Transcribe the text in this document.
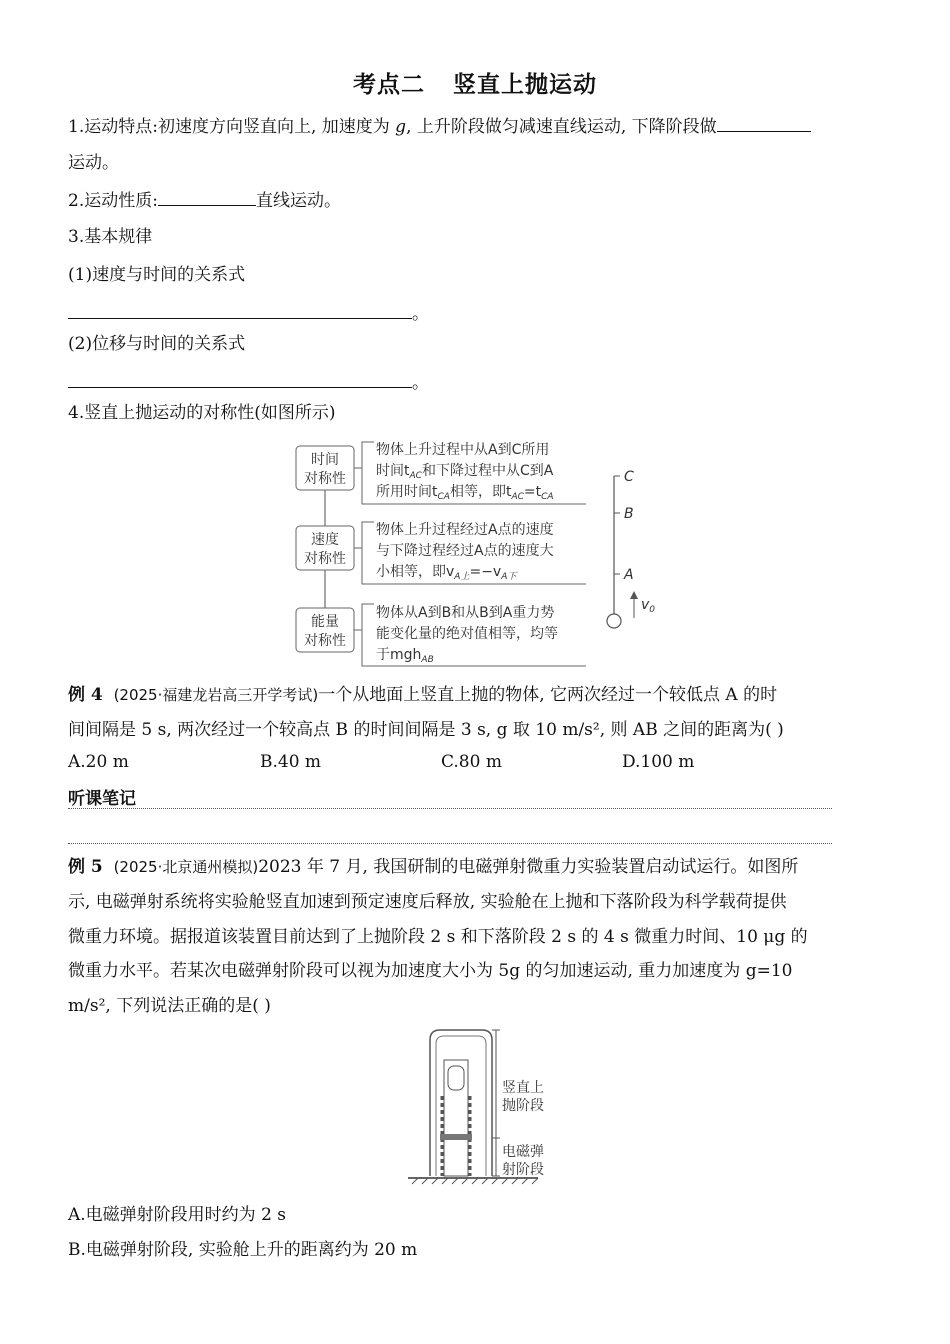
考点二 竖直上抛运动
1.运动特点:初速度方向竖直向上, 加速度为 g, 上升阶段做匀减速直线运动, 下降阶段做
运动。
2.运动性质:	直线运动。
3.基本规律
(1)速度与时间的关系式
。
(2)位移与时间的关系式
。
4.竖直上抛运动的对称性(如图所示)
时间
对称性
速度
对称性
能量
对称性
物体上升过程中从A到C所用
时间$t_{AC}$和下降过程中从C到A
所用时间$t_{CA}$相等，即$t_{AC}=t_{CA}$
物体上升过程经过A点的速度
与下降过程经过A点的速度大
小相等，即$v_{A上}=-v_{A下}$
物体从A到B和从B到A重力势
能变化量的绝对值相等，均等
于mgh$_{AB}$
C
B
A
$v_0$
例 4 (2025·福建龙岩高三开学考试)一个从地面上竖直上抛的物体, 它两次经过一个较低点 A 的时
间间隔是 5 s, 两次经过一个较高点 B 的时间间隔是 3 s, g 取 10 m/s², 则 AB 之间的距离为( )
A.20 m	B.40 m	C.80 m	D.100 m
听课笔记
例 5 (2025·北京通州模拟)2023 年 7 月, 我国研制的电磁弹射微重力实验装置启动试运行。如图所
示, 电磁弹射系统将实验舱竖直加速到预定速度后释放, 实验舱在上抛和下落阶段为科学载荷提供
微重力环境。据报道该装置目前达到了上抛阶段 2 s 和下落阶段 2 s 的 4 s 微重力时间、10 μg 的
微重力水平。若某次电磁弹射阶段可以视为加速度大小为 5g 的匀加速运动, 重力加速度为 g=10
m/s², 下列说法正确的是( )
竖直上
抛阶段
电磁弹
射阶段
A.电磁弹射阶段用时约为 2 s
B.电磁弹射阶段, 实验舱上升的距离约为 20 m
